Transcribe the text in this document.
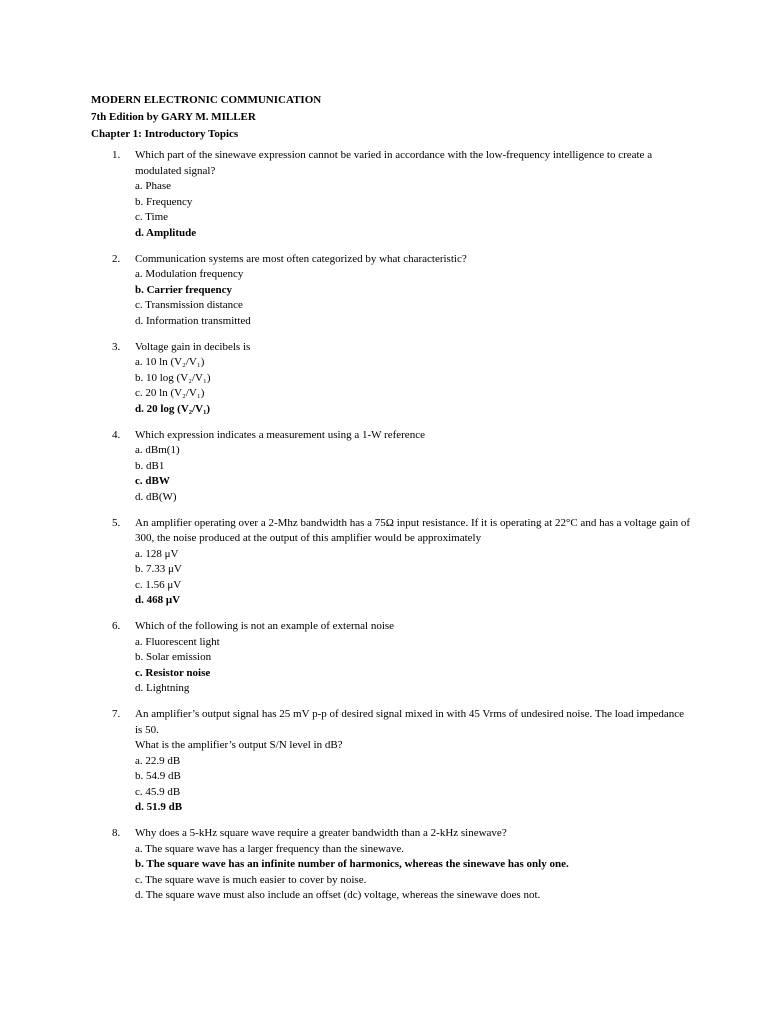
MODERN ELECTRONIC COMMUNICATION
7th Edition by GARY M. MILLER
Chapter 1: Introductory Topics
1. Which part of the sinewave expression cannot be varied in accordance with the low-frequency intelligence to create a modulated signal?
a. Phase
b. Frequency
c. Time
d. Amplitude
2. Communication systems are most often categorized by what characteristic?
a. Modulation frequency
b. Carrier frequency
c. Transmission distance
d. Information transmitted
3. Voltage gain in decibels is
a. 10 ln (V₂/V₁)
b. 10 log (V₂/V₁)
c. 20 ln (V₂/V₁)
d. 20 log (V₂/V₁)
4. Which expression indicates a measurement using a 1-W reference
a. dBm(1)
b. dB1
c. dBW
d. dB(W)
5. An amplifier operating over a 2-Mhz bandwidth has a 75Ω input resistance. If it is operating at 22°C and has a voltage gain of 300, the noise produced at the output of this amplifier would be approximately
a. 128 μV
b. 7.33 μV
c. 1.56 μV
d. 468 μV
6. Which of the following is not an example of external noise
a. Fluorescent light
b. Solar emission
c. Resistor noise
d. Lightning
7. An amplifier’s output signal has 25 mV p-p of desired signal mixed in with 45 Vrms of undesired noise. The load impedance is 50.
What is the amplifier’s output S/N level in dB?
a. 22.9 dB
b. 54.9 dB
c. 45.9 dB
d. 51.9 dB
8. Why does a 5-kHz square wave require a greater bandwidth than a 2-kHz sinewave?
a. The square wave has a larger frequency than the sinewave.
b. The square wave has an infinite number of harmonics, whereas the sinewave has only one.
c. The square wave is much easier to cover by noise.
d. The square wave must also include an offset (dc) voltage, whereas the sinewave does not.
